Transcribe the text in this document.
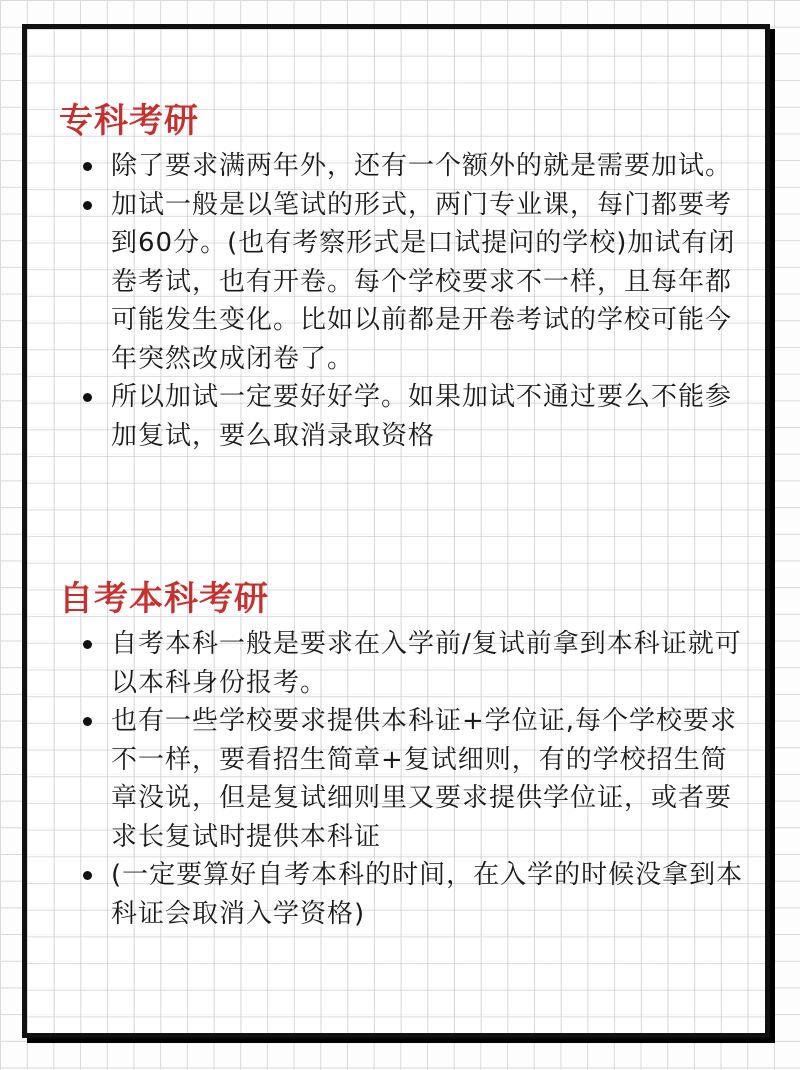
专科考研
除了要求满两年外，还有一个额外的就是需要加试。
加试一般是以笔试的形式，两门专业课，每门都要考到60分。(也有考察形式是口试提问的学校)加试有闭卷考试，也有开卷。每个学校要求不一样，且每年都可能发生变化。比如以前都是开卷考试的学校可能今年突然改成闭卷了。
所以加试一定要好好学。如果加试不通过要么不能参加复试，要么取消录取资格
自考本科考研
自考本科一般是要求在入学前/复试前拿到本科证就可以本科身份报考。
也有一些学校要求提供本科证+学位证,每个学校要求不一样，要看招生简章+复试细则，有的学校招生简章没说，但是复试细则里又要求提供学位证，或者要求长复试时提供本科证
(一定要算好自考本科的时间，在入学的时候没拿到本科证会取消入学资格)
